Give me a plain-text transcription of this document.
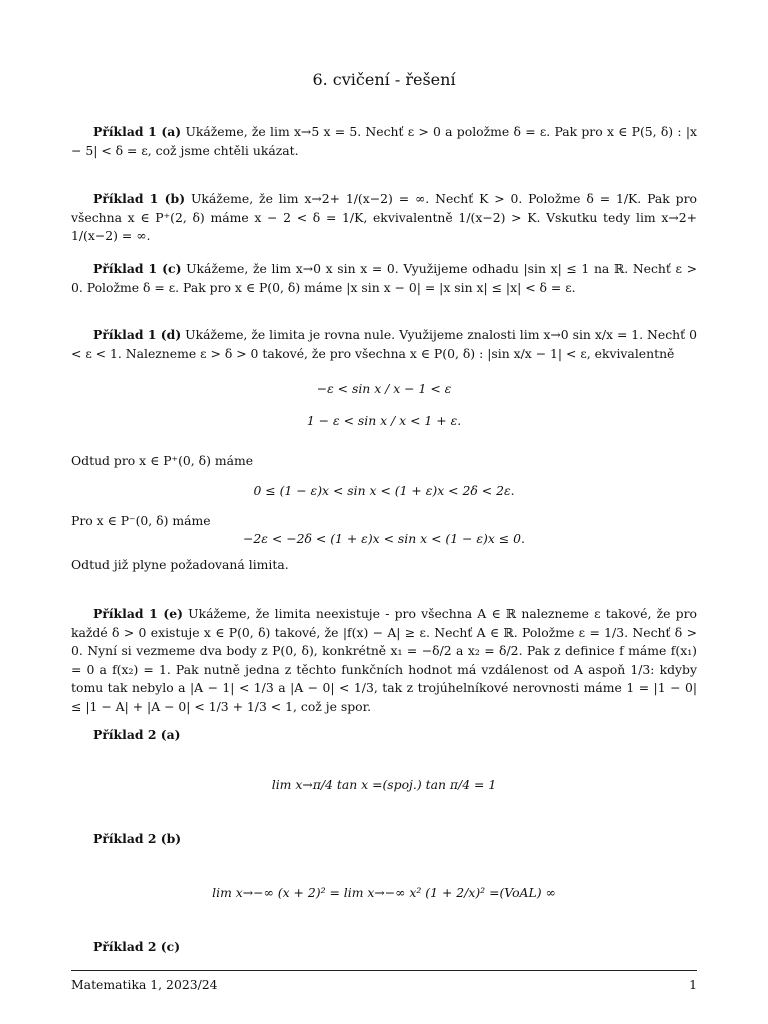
6. cvičení - řešení
Příklad 1 (a) Ukážeme, že lim x→5 x = 5. Nechť ε > 0 a položme δ = ε. Pak pro x ∈ P(5, δ) : |x − 5| < δ = ε, což jsme chtěli ukázat.
Příklad 1 (b) Ukážeme, že lim x→2+ 1/(x−2) = ∞. Nechť K > 0. Položme δ = 1/K. Pak pro všechna x ∈ P⁺(2, δ) máme x − 2 < δ = 1/K, ekvivalentně 1/(x−2) > K. Vskutku tedy lim x→2+ 1/(x−2) = ∞.
Příklad 1 (c) Ukážeme, že lim x→0 x sin x = 0. Využijeme odhadu |sin x| ≤ 1 na ℝ. Nechť ε > 0. Položme δ = ε. Pak pro x ∈ P(0, δ) máme |x sin x − 0| = |x sin x| ≤ |x| < δ = ε.
Příklad 1 (d) Ukážeme, že limita je rovna nule. Využijeme znalosti lim x→0 sin x/x = 1. Nechť 0 < ε < 1. Nalezneme ε > δ > 0 takové, že pro všechna x ∈ P(0, δ) : |sin x/x − 1| < ε, ekvivalentně
−ε < sin x / x − 1 < ε
1 − ε < sin x / x < 1 + ε.
Odtud pro x ∈ P⁺(0, δ) máme
0 ≤ (1 − ε)x < sin x < (1 + ε)x < 2δ < 2ε.
Pro x ∈ P⁻(0, δ) máme
−2ε < −2δ < (1 + ε)x < sin x < (1 − ε)x ≤ 0.
Odtud již plyne požadovaná limita.
Příklad 1 (e) Ukážeme, že limita neexistuje - pro všechna A ∈ ℝ nalezneme ε takové, že pro každé δ > 0 existuje x ∈ P(0, δ) takové, že |f(x) − A| ≥ ε. Nechť A ∈ ℝ. Položme ε = 1/3. Nechť δ > 0. Nyní si vezmeme dva body z P(0, δ), konkrétně x₁ = −δ/2 a x₂ = δ/2. Pak z definice f máme f(x₁) = 0 a f(x₂) = 1. Pak nutně jedna z těchto funkčních hodnot má vzdálenost od A aspoň 1/3: kdyby tomu tak nebylo a |A − 1| < 1/3 a |A − 0| < 1/3, tak z trojúhelníkové nerovnosti máme 1 = |1 − 0| ≤ |1 − A| + |A − 0| < 1/3 + 1/3 < 1, což je spor.
Příklad 2 (a)
lim x→π/4 tan x =(spoj.) tan π/4 = 1
Příklad 2 (b)
lim x→−∞ (x + 2)² = lim x→−∞ x² (1 + 2/x)² =(VoAL) ∞
Příklad 2 (c)
Matematika 1, 2023/24	1
